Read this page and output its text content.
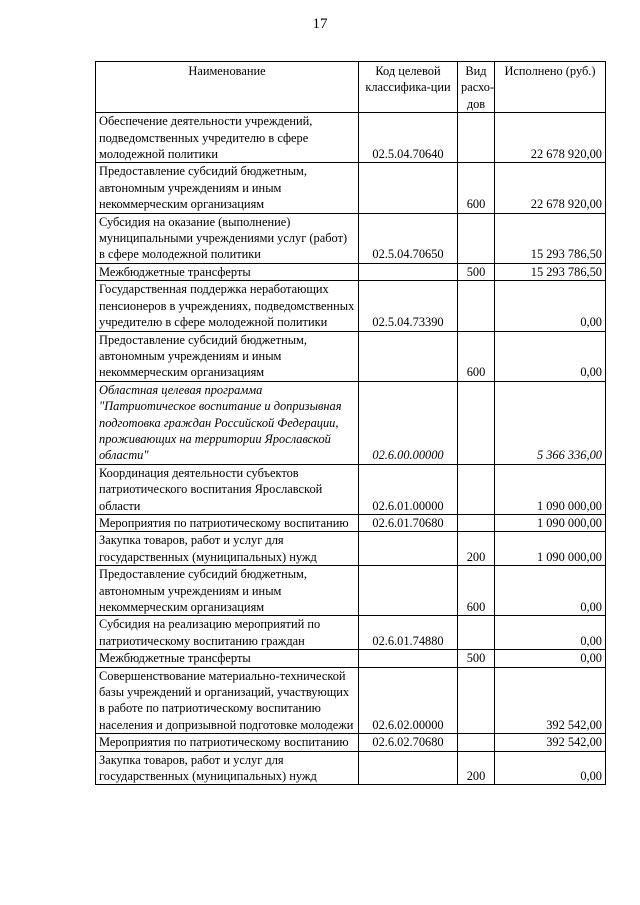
17
Наименование	Код целевой классифика-ции	Вид расхо-дов	Исполнено (руб.)
Обеспечение деятельности учреждений, подведомственных учредителю в сфере молодежной политики	02.5.04.70640		22 678 920,00
Предоставление субсидий бюджетным, автономным учреждениям и иным некоммерческим организациям		600	22 678 920,00
Субсидия на оказание (выполнение) муниципальными учреждениями услуг (работ) в сфере молодежной политики	02.5.04.70650		15 293 786,50
Межбюджетные трансферты		500	15 293 786,50
Государственная поддержка неработающих пенсионеров в учреждениях, подведомственных учредителю в сфере молодежной политики	02.5.04.73390		0,00
Предоставление субсидий бюджетным, автономным учреждениям и иным некоммерческим организациям		600	0,00
Областная целевая программа "Патриотическое воспитание и допризывная подготовка граждан Российской Федерации, проживающих на территории Ярославской области"	02.6.00.00000		5 366 336,00
Координация деятельности субъектов патриотического воспитания Ярославской области	02.6.01.00000		1 090 000,00
Мероприятия по патриотическому воспитанию	02.6.01.70680		1 090 000,00
Закупка товаров, работ и услуг для государственных (муниципальных) нужд		200	1 090 000,00
Предоставление субсидий бюджетным, автономным учреждениям и иным некоммерческим организациям		600	0,00
Субсидия на реализацию мероприятий по патриотическому воспитанию граждан	02.6.01.74880		0,00
Межбюджетные трансферты		500	0,00
Совершенствование материально-технической базы учреждений и организаций, участвующих в работе по патриотическому воспитанию населения и допризывной подготовке молодежи	02.6.02.00000		392 542,00
Мероприятия по патриотическому воспитанию	02.6.02.70680		392 542,00
Закупка товаров, работ и услуг для государственных (муниципальных) нужд		200	0,00
